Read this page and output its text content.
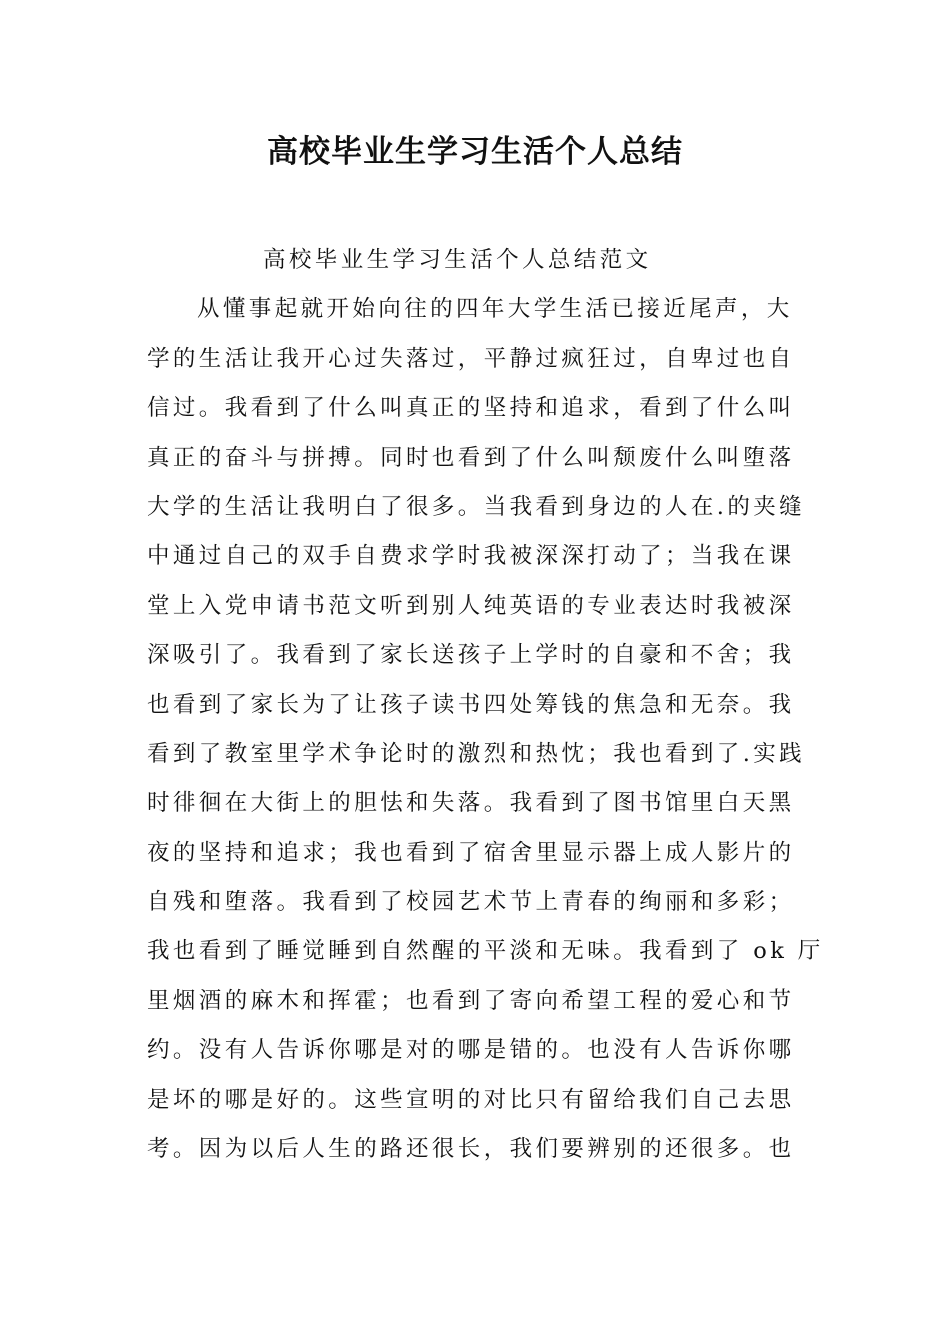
高校毕业生学习生活个人总结

高校毕业生学习生活个人总结范文

从懂事起就开始向往的四年大学生活已接近尾声，大

学的生活让我开心过失落过，平静过疯狂过，自卑过也自

信过。我看到了什么叫真正的坚持和追求，看到了什么叫

真正的奋斗与拼搏。同时也看到了什么叫颓废什么叫堕落

大学的生活让我明白了很多。当我看到身边的人在.的夹缝

中通过自己的双手自费求学时我被深深打动了；当我在课

堂上入党申请书范文听到别人纯英语的专业表达时我被深

深吸引了。我看到了家长送孩子上学时的自豪和不舍；我

也看到了家长为了让孩子读书四处筹钱的焦急和无奈。我

看到了教室里学术争论时的激烈和热忱；我也看到了.实践

时徘徊在大街上的胆怯和失落。我看到了图书馆里白天黑

夜的坚持和追求；我也看到了宿舍里显示器上成人影片的

自残和堕落。我看到了校园艺术节上青春的绚丽和多彩；

我也看到了睡觉睡到自然醒的平淡和无味。我看到了 ok 厅

里烟酒的麻木和挥霍；也看到了寄向希望工程的爱心和节

约。没有人告诉你哪是对的哪是错的。也没有人告诉你哪

是坏的哪是好的。这些宣明的对比只有留给我们自己去思

考。因为以后人生的路还很长，我们要辨别的还很多。也
